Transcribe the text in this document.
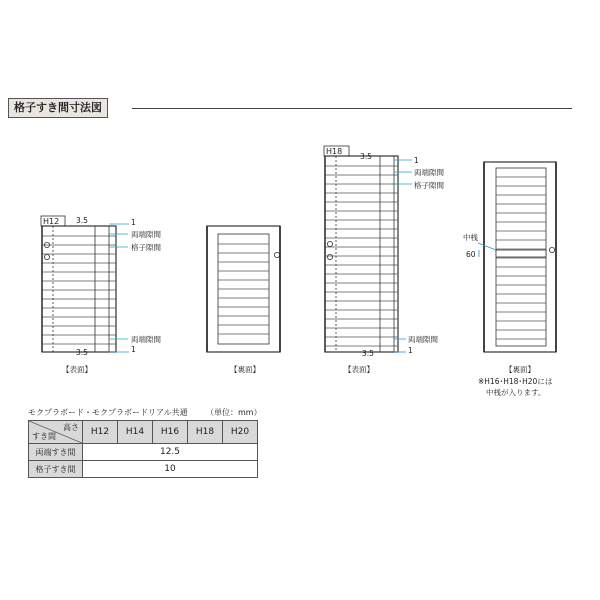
格子すき間寸法図
H12 3.5	1
両端隙間
格子隙間
両端隙間
3.5	1
【表面】	【裏面】
H18
3.5	1
両端隙間
格子隙間
両端隙間
3.5	1
【表面】
中桟
60
【裏面】
※H16･H18･H20には
中桟が入ります。
モクプラボード・モクプラボードリアル共通 （単位：mm）
高さ
すき間	H12	H14	H16	H18	H20
両端すき間	12.5				
格子すき間	10				
